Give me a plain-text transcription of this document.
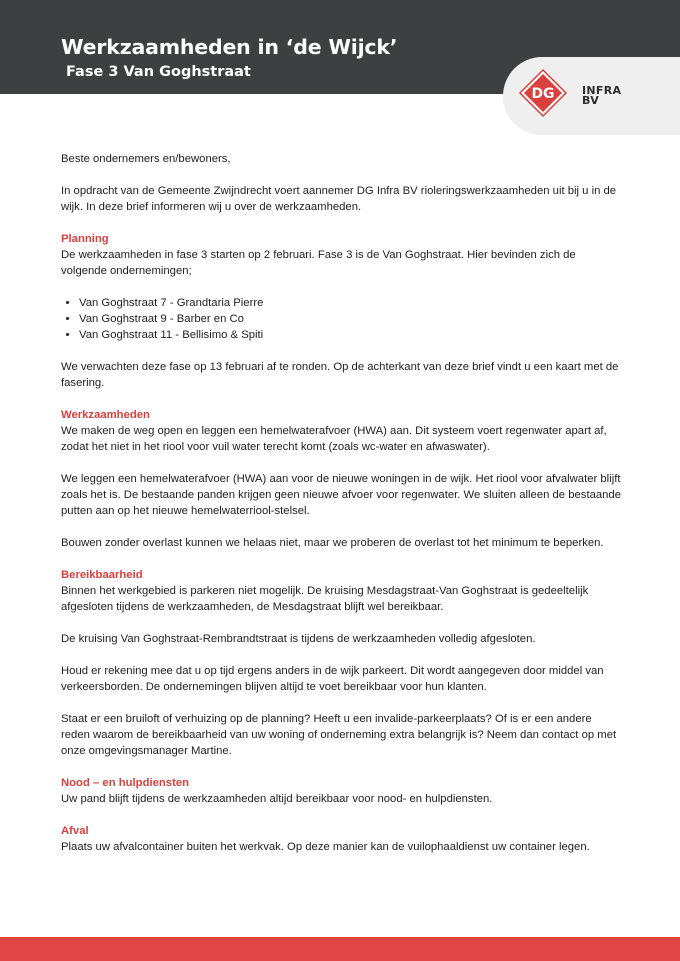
Werkzaamheden in ‘de Wijck’
Fase 3 Van Goghstraat
DG INFRA
BV

Beste ondernemers en/bewoners,

In opdracht van de Gemeente Zwijndrecht voert aannemer DG Infra BV rioleringswerkzaamheden uit bij u in de wijk. In deze brief informeren wij u over de werkzaamheden.

Planning

De werkzaamheden in fase 3 starten op 2 februari. Fase 3 is de Van Goghstraat. Hier bevinden zich de volgende ondernemingen;

• Van Goghstraat 7 - Grandtaria Pierre
• Van Goghstraat 9 - Barber en Co
• Van Goghstraat 11 - Bellisimo & Spiti

We verwachten deze fase op 13 februari af te ronden. Op de achterkant van deze brief vindt u een kaart met de fasering.

Werkzaamheden

We maken de weg open en leggen een hemelwaterafvoer (HWA) aan. Dit systeem voert regenwater apart af, zodat het niet in het riool voor vuil water terecht komt (zoals wc-water en afwaswater).

We leggen een hemelwaterafvoer (HWA) aan voor de nieuwe woningen in de wijk. Het riool voor afvalwater blijft zoals het is. De bestaande panden krijgen geen nieuwe afvoer voor regenwater. We sluiten alleen de bestaande putten aan op het nieuwe hemelwaterriool-stelsel.

Bouwen zonder overlast kunnen we helaas niet, maar we proberen de overlast tot het minimum te beperken.

Bereikbaarheid

Binnen het werkgebied is parkeren niet mogelijk. De kruising Mesdagstraat-Van Goghstraat is gedeeltelijk afgesloten tijdens de werkzaamheden, de Mesdagstraat blijft wel bereikbaar.

De kruising Van Goghstraat-Rembrandtstraat is tijdens de werkzaamheden volledig afgesloten.

Houd er rekening mee dat u op tijd ergens anders in de wijk parkeert. Dit wordt aangegeven door middel van verkeersborden. De ondernemingen blijven altijd te voet bereikbaar voor hun klanten.

Staat er een bruiloft of verhuizing op de planning? Heeft u een invalide-parkeerplaats? Of is er een andere reden waarom de bereikbaarheid van uw woning of onderneming extra belangrijk is? Neem dan contact op met onze omgevingsmanager Martine.

Nood – en hulpdiensten

Uw pand blijft tijdens de werkzaamheden altijd bereikbaar voor nood- en hulpdiensten.

Afval

Plaats uw afvalcontainer buiten het werkvak. Op deze manier kan de vuilophaaldienst uw container legen.
